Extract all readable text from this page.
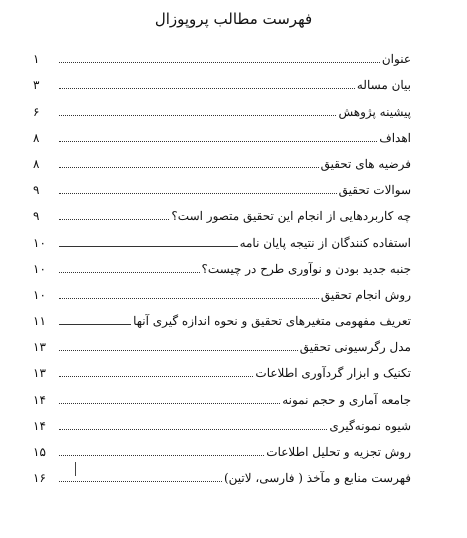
فهرست مطالب پروپوزال
عنوان
١
بیان مساله
٣
پیشینه پژوهش
۶
اهداف
٨
فرضیه های تحقیق
٨
سوالات تحقیق
٩
چه کاربردهایی از انجام این تحقیق متصور است؟
٩
استفاده کنندگان از نتیجه پایان نامه
١٠
جنبه جدید بودن و نوآوری طرح در چیست؟
١٠
روش انجام تحقیق
١٠
تعریف مفهومی متغیرهای تحقیق و نحوه اندازه گیری آنها
١١
مدل رگرسیونی تحقیق
١٣
تکنیک و ابزار گردآوری اطلاعات
١٣
جامعه آماری و حجم نمونه
١۴
شیوه نمونه‌گیری
١۴
روش تجزیه و تحلیل اطلاعات
١۵
فهرست منابع و مآخذ ( فارسی، لاتین)
١۶
